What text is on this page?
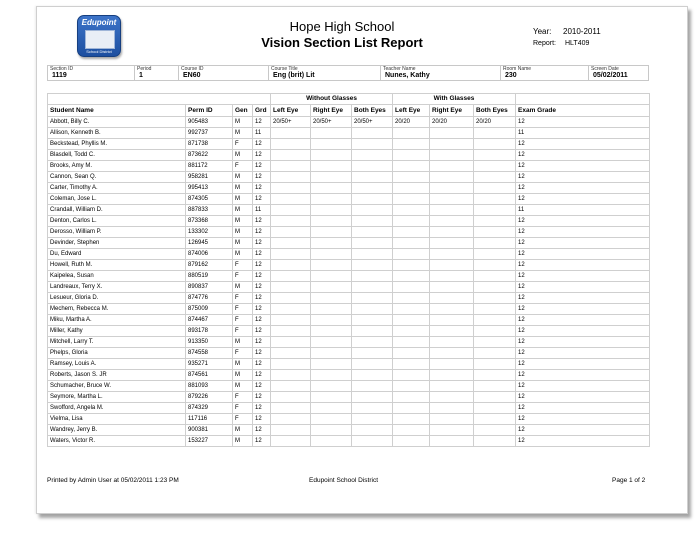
Edupoint
School District
Hope High School
Vision Section List Report
Year: 2010-2011
Report: HLT409
Section ID
1119
Period
1
Course ID
EN60
Course Title
Eng (brit) Lit
Teacher Name
Nunes, Kathy
Room Name
230
Screen Date
05/02/2011
				Without Glasses			With Glasses			
Student Name	Perm ID	Gen	Grd	Left Eye	Right Eye	Both Eyes	Left Eye	Right Eye	Both Eyes	Exam Grade
Abbott, Billy C.	905483	M	12	20/50+	20/50+	20/50+	20/20	20/20	20/20	12
Allison, Kenneth B.	992737	M	11							11
Beckstead, Phyllis M.	871738	F	12							12
Blasdell, Todd C.	873622	M	12							12
Brooks, Amy M.	881172	F	12							12
Cannon, Sean Q.	958281	M	12							12
Carter, Timothy A.	995413	M	12							12
Coleman, Jose L.	874305	M	12							12
Crandall, William D.	887833	M	11							11
Denton, Carlos L.	873368	M	12							12
Derosso, William P.	133302	M	12							12
Devinder, Stephen	126945	M	12							12
Du, Edward	874006	M	12							12
Howell, Ruth M.	879162	F	12							12
Kaipelea, Susan	880519	F	12							12
Landreaux, Terry X.	890837	M	12							12
Lesueur, Gloria D.	874776	F	12							12
Mechem, Rebecca M.	875009	F	12							12
Miku, Martha A.	874467	F	12							12
Miller, Kathy	893178	F	12							12
Mitchell, Larry T.	913350	M	12							12
Phelps, Gloria	874558	F	12							12
Ramsey, Louis A.	935271	M	12							12
Roberts, Jason S. JR	874561	M	12							12
Schumacher, Bruce W.	881093	M	12							12
Seymore, Martha L.	879226	F	12							12
Swofford, Angela M.	874329	F	12							12
Vielma, Lisa	117116	F	12							12
Wandrey, Jerry B.	900381	M	12							12
Waters, Victor R.	153227	M	12							12
Printed by Admin User at 05/02/2011 1:23 PM	Edupoint School District	Page 1 of 2
